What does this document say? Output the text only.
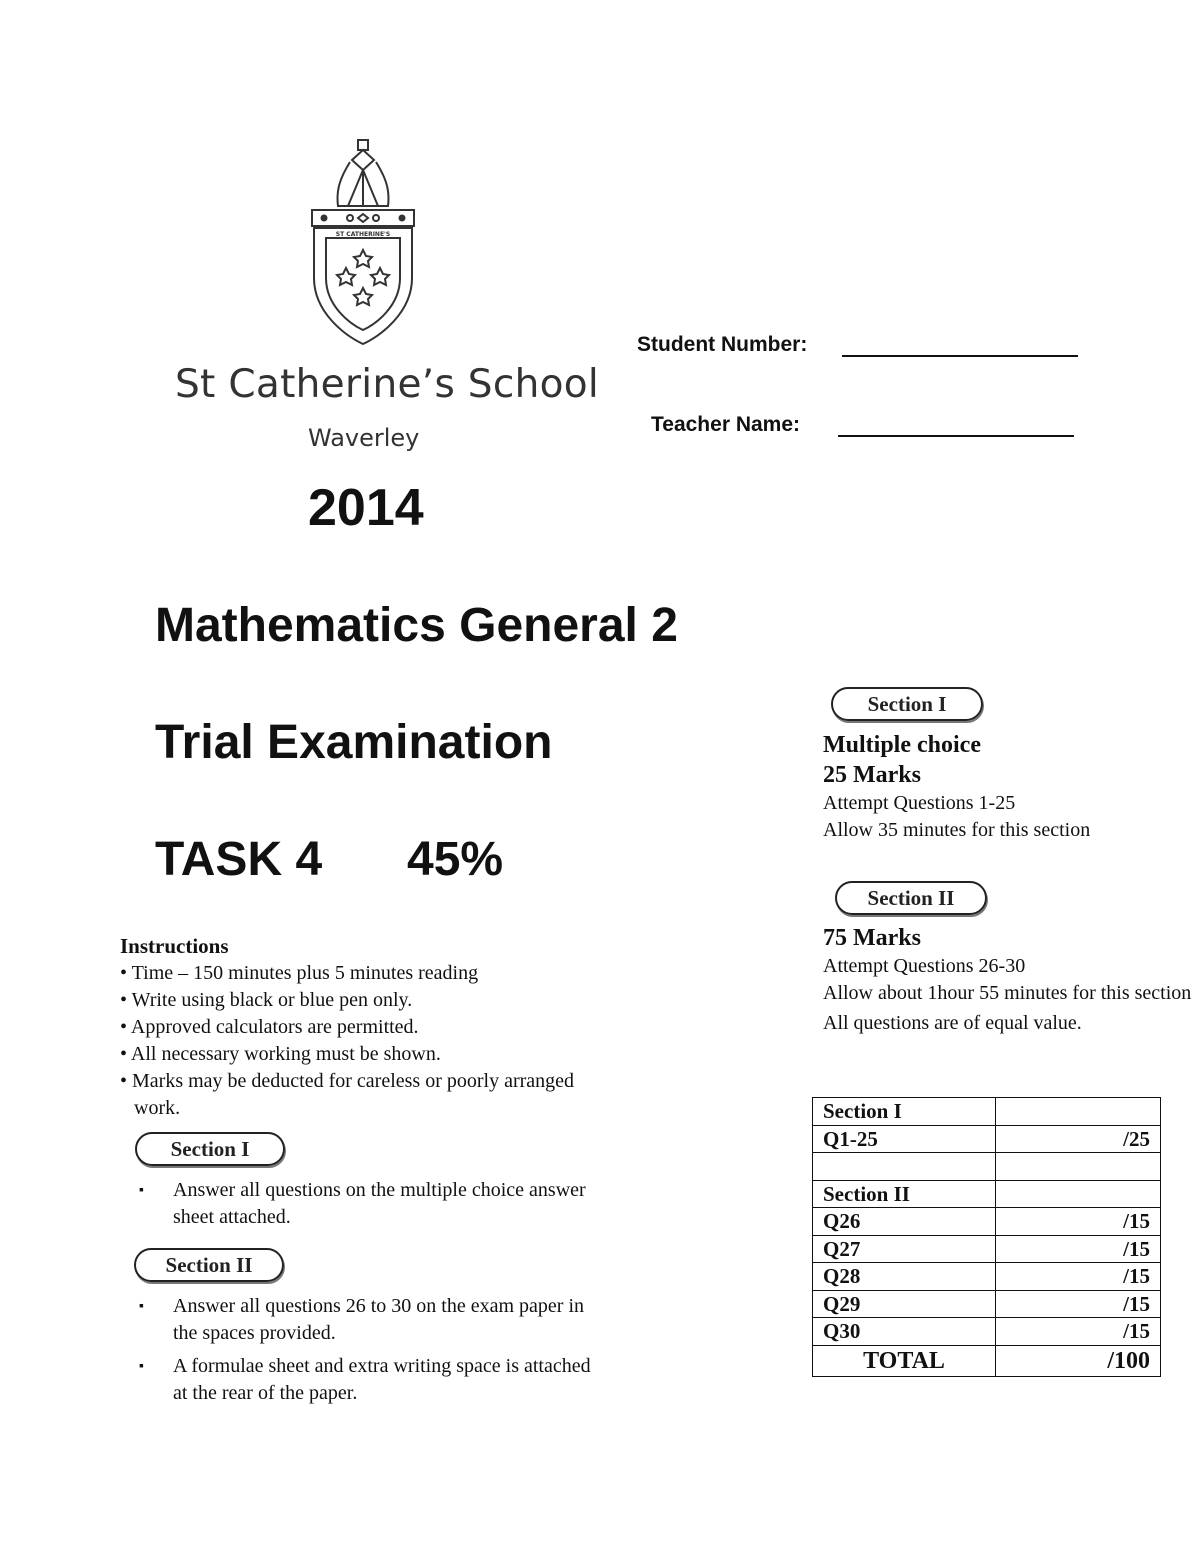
ST CATHERINE'S
St Catherine’s School
Waverley
Student Number:
Teacher Name:
2014
Mathematics General 2
Trial Examination
TASK 4 45%
Instructions
• Time – 150 minutes plus 5 minutes reading
• Write using black or blue pen only.
• Approved calculators are permitted.
• All necessary working must be shown.
• Marks may be deducted for careless or poorly arranged work.
Section I
▪ Answer all questions on the multiple choice answer sheet attached.
Section II
▪ Answer all questions 26 to 30 on the exam paper in the spaces provided.
▪ A formulae sheet and extra writing space is attached at the rear of the paper.
Section I
Multiple choice
25 Marks
Attempt Questions 1-25
Allow 35 minutes for this section
Section II
75 Marks
Attempt Questions 26-30
Allow about 1hour 55 minutes for this section
All questions are of equal value.
Section I	
Q1-25	/25

Section II	
Q26	/15
Q27	/15
Q28	/15
Q29	/15
Q30	/15
TOTAL	/100
